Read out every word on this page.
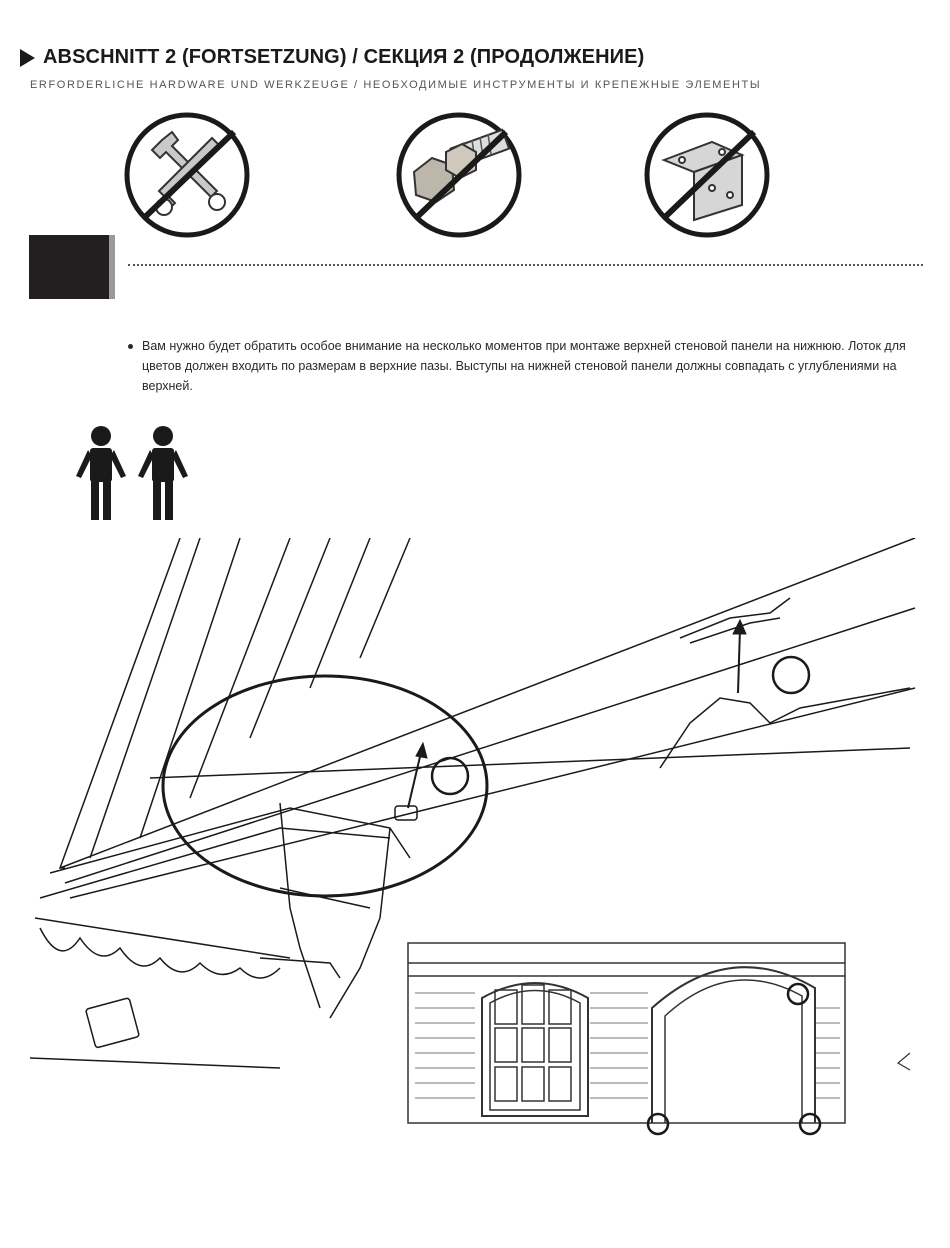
ABSCHNITT 2 (FORTSETZUNG) / СЕКЦИЯ 2 (ПРОДОЛЖЕНИЕ)
ERFORDERLICHE HARDWARE UND WERKZEUGE / НЕОБХОДИМЫЕ ИНСТРУМЕНТЫ И КРЕПЕЖНЫЕ ЭЛЕМЕНТЫ
Вам нужно будет обратить особое внимание на несколько моментов при монтаже верхней стеновой панели на нижнюю. Лоток для цветов должен входить по размерам в верхние пазы. Выступы на нижней стеновой панели должны совпадать с углублениями на верхней.
